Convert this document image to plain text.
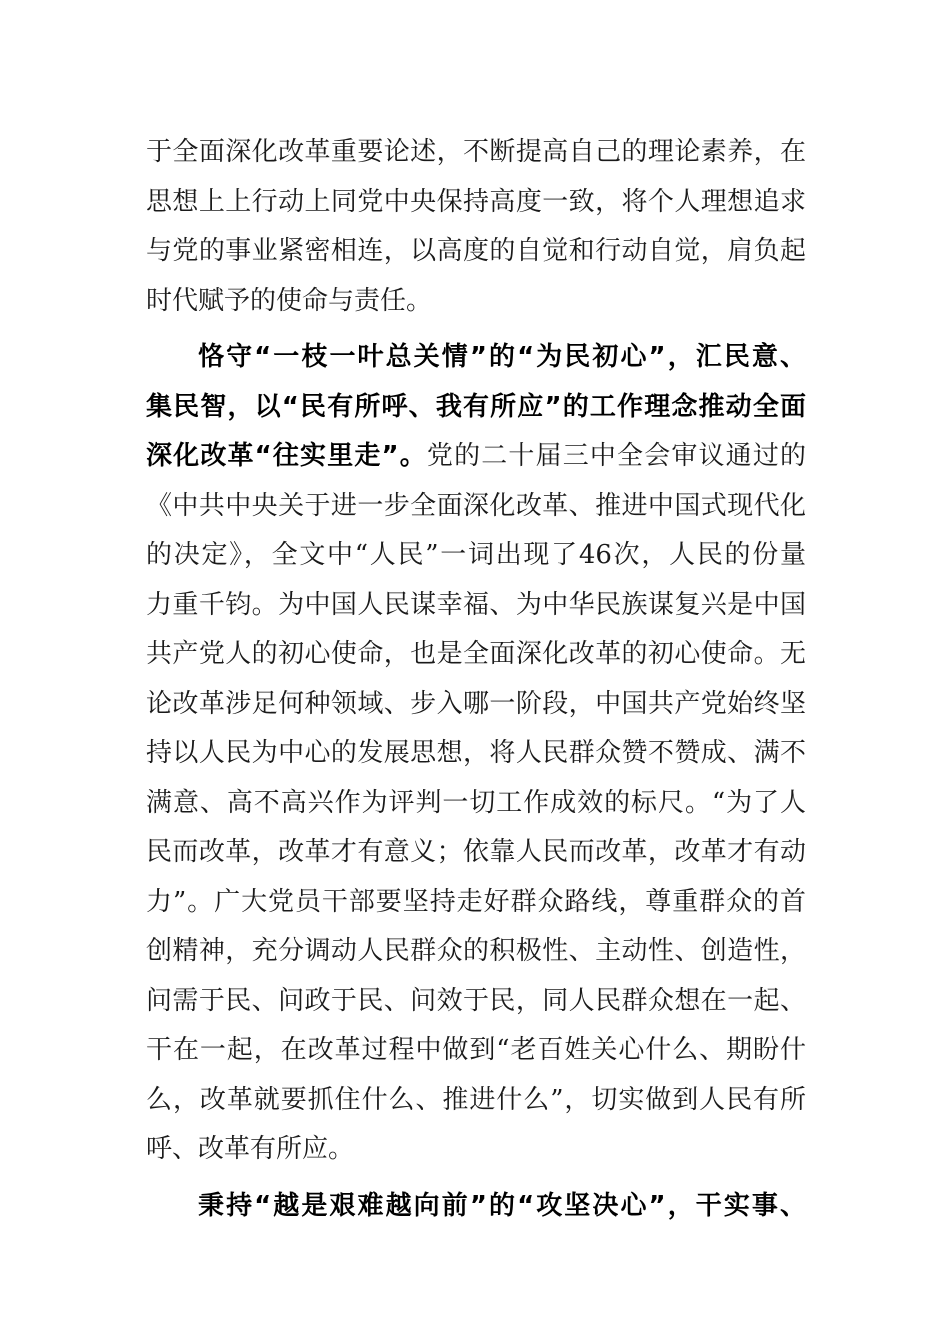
于全面深化改革重要论述，不断提高自己的理论素养，在
思想上上行动上同党中央保持高度一致，将个人理想追求
与党的事业紧密相连，以高度的自觉和行动自觉，肩负起
时代赋予的使命与责任。
恪守“一枝一叶总关情”的“为民初心”，汇民意、
集民智，以“民有所呼、我有所应”的工作理念推动全面
深化改革“往实里走”。党的二十届三中全会审议通过的
《中共中央关于进一步全面深化改革、推进中国式现代化
的决定》，全文中“人民”一词出现了46次，人民的份量
力重千钧。为中国人民谋幸福、为中华民族谋复兴是中国
共产党人的初心使命，也是全面深化改革的初心使命。无
论改革涉足何种领域、步入哪一阶段，中国共产党始终坚
持以人民为中心的发展思想，将人民群众赞不赞成、满不
满意、高不高兴作为评判一切工作成效的标尺。“为了人
民而改革，改革才有意义；依靠人民而改革，改革才有动
力”。广大党员干部要坚持走好群众路线，尊重群众的首
创精神，充分调动人民群众的积极性、主动性、创造性，
问需于民、问政于民、问效于民，同人民群众想在一起、
干在一起，在改革过程中做到“老百姓关心什么、期盼什
么，改革就要抓住什么、推进什么”，切实做到人民有所
呼、改革有所应。
秉持“越是艰难越向前”的“攻坚决心”，干实事、
